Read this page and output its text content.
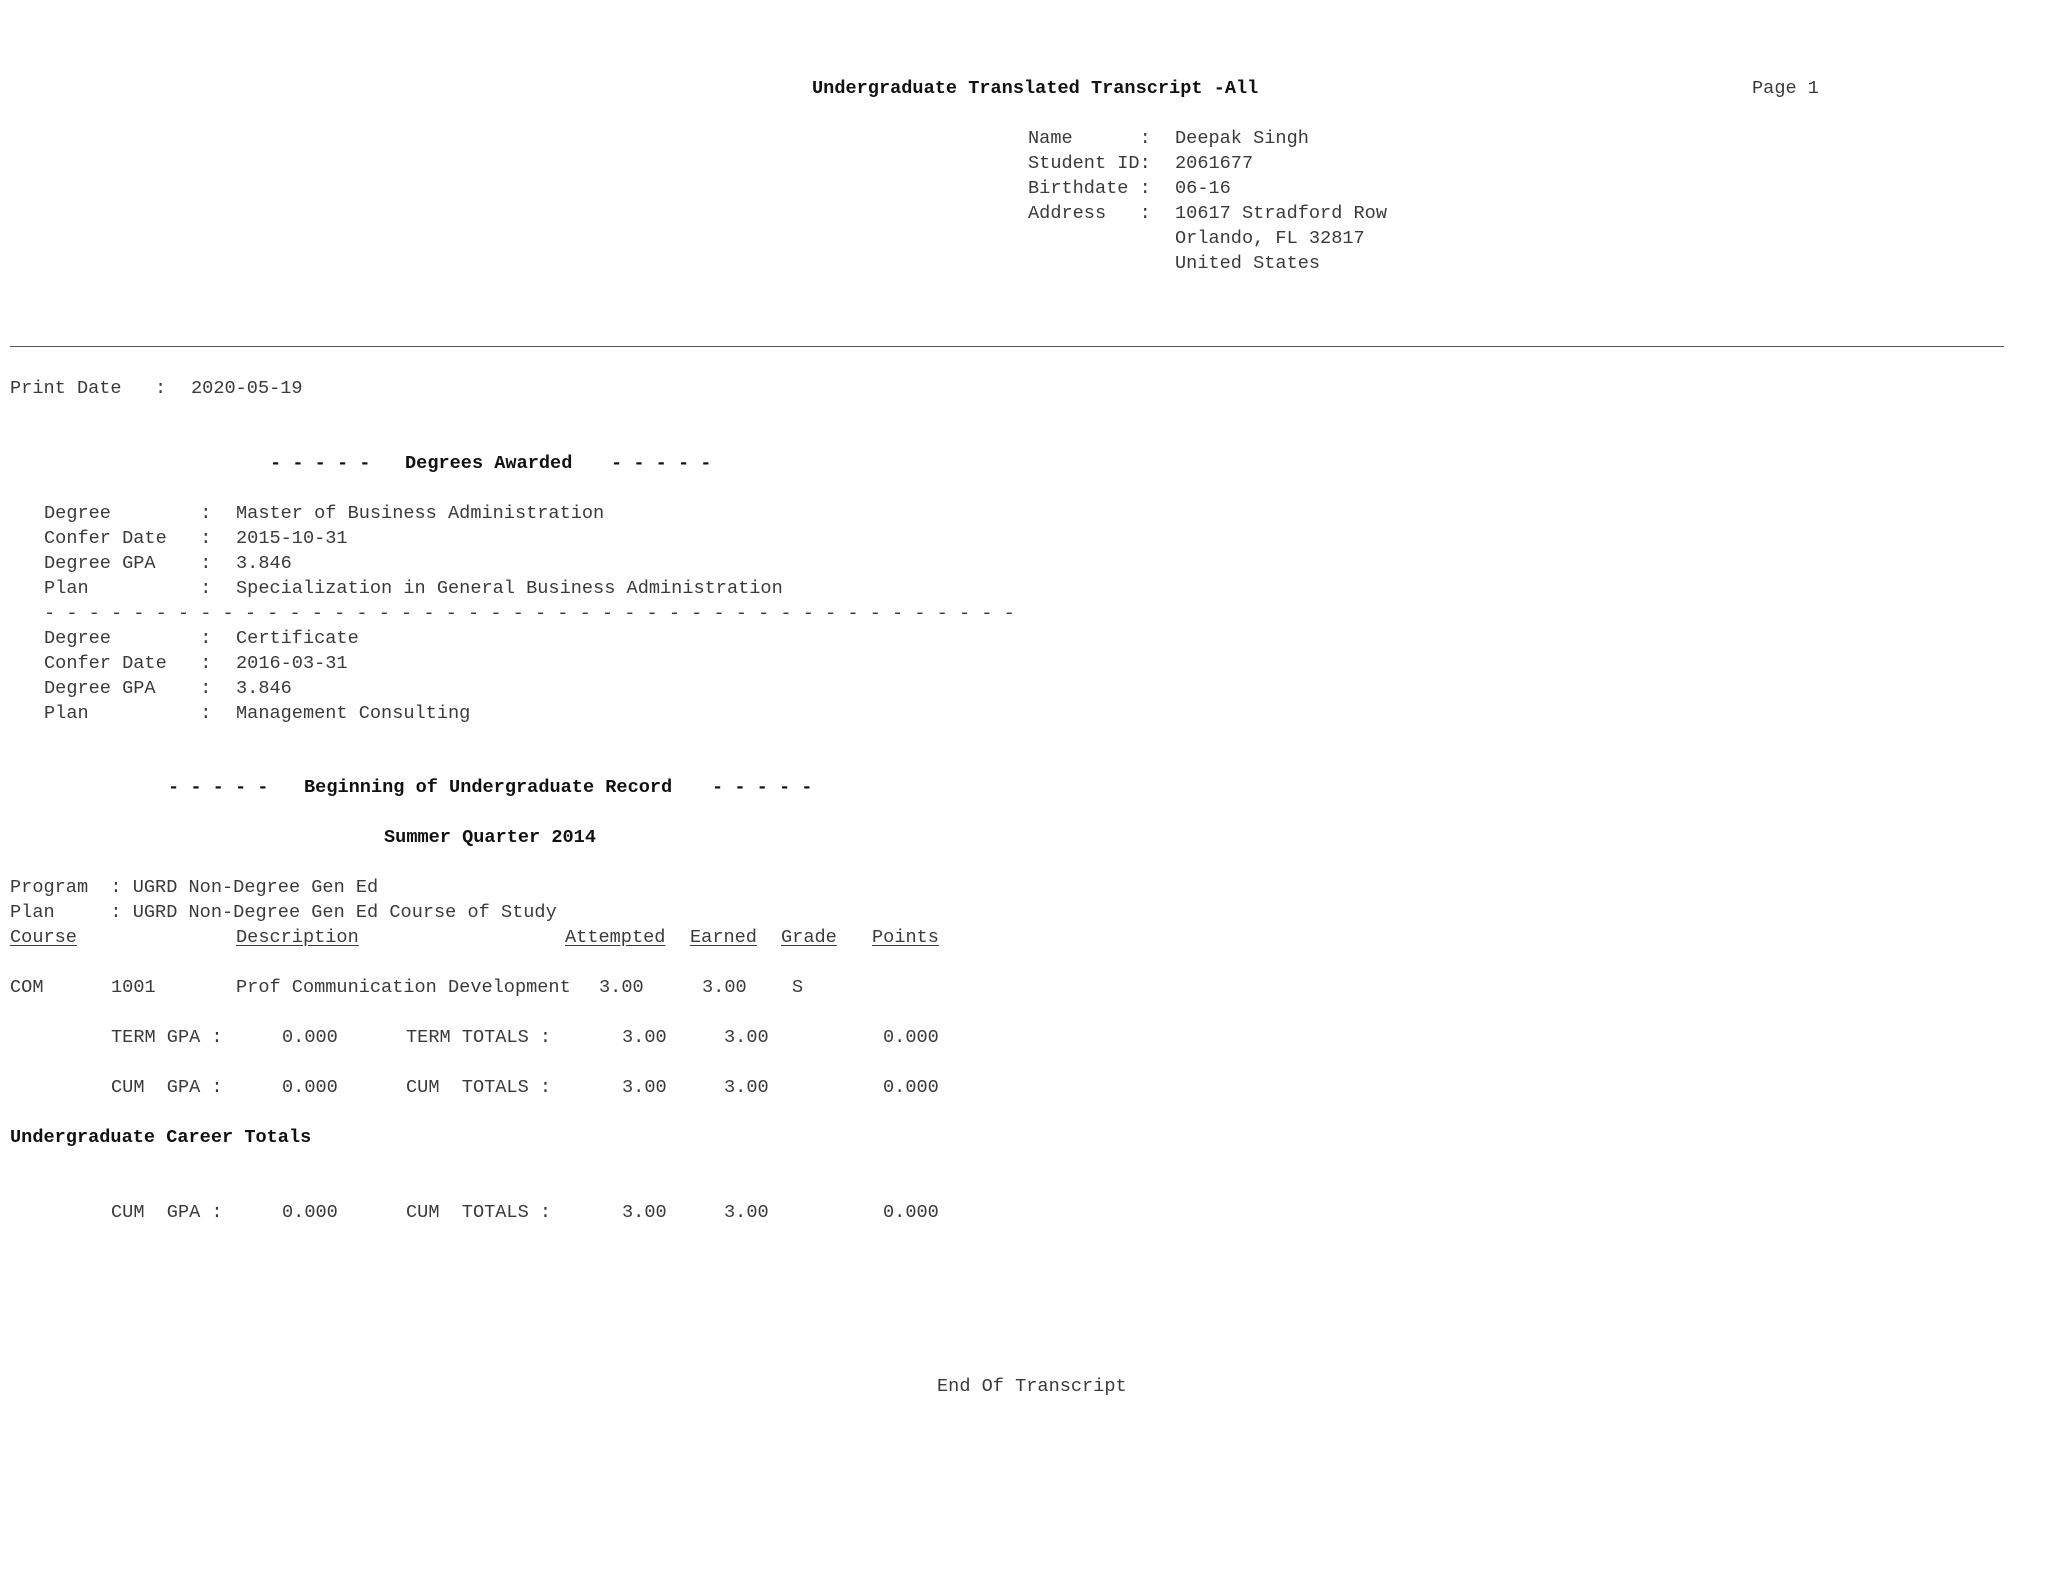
Undergraduate Translated Transcript -All	Page 1
Name      : Deepak Singh
Student ID: 2061677
Birthdate : 06-16
Address   : 10617 Stradford Row
Orlando, FL 32817
United States
Print Date   : 2020-05-19
- - - - - Degrees Awarded - - - - -
Degree        : Master of Business Administration
Confer Date   : 2015-10-31
Degree GPA    : 3.846
Plan          : Specialization in General Business Administration
- - - - - - - - - - - - - - - - - - - - - - - - - - - - - - - - - - - - - - - - - - - -
Degree        : Certificate
Confer Date   : 2016-03-31
Degree GPA    : 3.846
Plan          : Management Consulting
- - - - - Beginning of Undergraduate Record - - - - -
Summer Quarter 2014
Program  : UGRD Non-Degree Gen Ed
Plan     : UGRD Non-Degree Gen Ed Course of Study
Course	Description	Attempted Earned Grade Points
COM	1001	Prof Communication Development 3.00	3.00 S
TERM GPA :	0.000	TERM TOTALS :	3.00	3.00	0.000
CUM  GPA :	0.000	CUM  TOTALS :	3.00	3.00	0.000
Undergraduate Career Totals
CUM  GPA :	0.000	CUM  TOTALS :	3.00	3.00	0.000
End Of Transcript
